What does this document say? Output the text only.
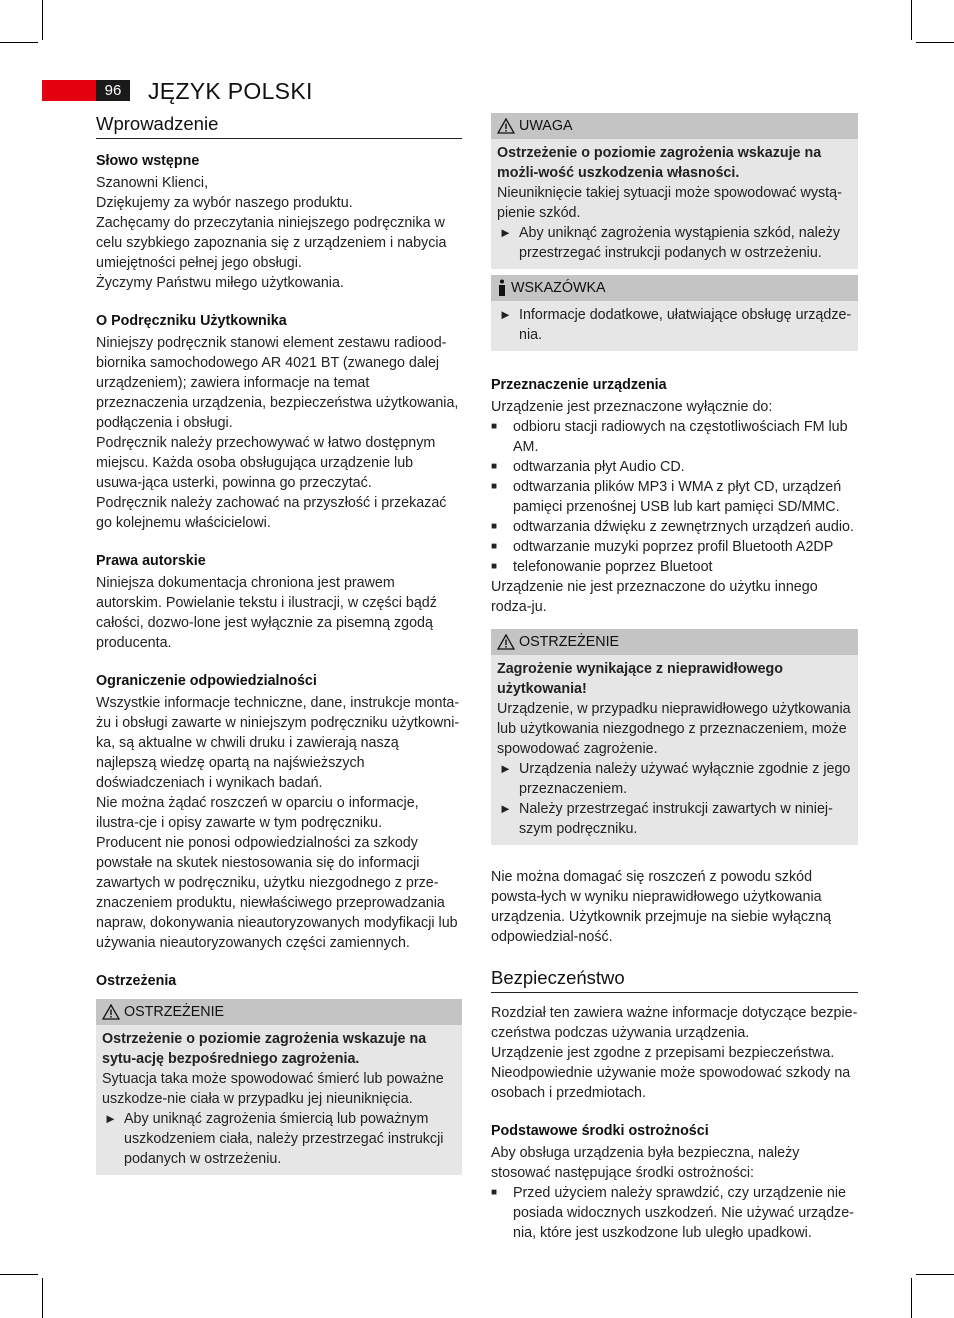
96	JĘZYK POLSKI
Wprowadzenie
Słowo wstępne

Szanowni Klienci,

Dziękujemy za wybór naszego produktu.

Zachęcamy do przeczytania niniejszego podręcznika w celu szybkiego zapoznania się z urządzeniem i nabycia umiejętności pełnej jego obsługi.

Życzymy Państwu miłego użytkowania.

O Podręczniku Użytkownika

Niniejszy podręcznik stanowi element zestawu radiood-biornika samochodowego AR 4021 BT (zwanego dalej urządzeniem); zawiera informacje na temat przeznaczenia urządzenia, bezpieczeństwa użytkowania, podłączenia i obsługi.

Podręcznik należy przechowywać w łatwo dostępnym miejscu. Każda osoba obsługująca urządzenie lub usuwa-jąca usterki, powinna go przeczytać.

Podręcznik należy zachować na przyszłość i przekazać go kolejnemu właścicielowi.

Prawa autorskie

Niniejsza dokumentacja chroniona jest prawem autorskim. Powielanie tekstu i ilustracji, w części bądź całości, dozwo-lone jest wyłącznie za pisemną zgodą producenta.

Ograniczenie odpowiedzialności

Wszystkie informacje techniczne, dane, instrukcje monta-żu i obsługi zawarte w niniejszym podręczniku użytkowni-ka, są aktualne w chwili druku i zawierają naszą najlepszą wiedzę opartą na najświeższych doświadczeniach i wynikach badań.

Nie można żądać roszczeń w oparciu o informacje, ilustra-cje i opisy zawarte w tym podręczniku.

Producent nie ponosi odpowiedzialności za szkody powstałe na skutek niestosowania się do informacji zawartych w podręczniku, użytku niezgodnego z prze-znaczeniem produktu, niewłaściwego przeprowadzania napraw, dokonywania nieautoryzowanych modyfikacji lub używania nieautoryzowanych części zamiennych.

Ostrzeżenia
OSTRZEŻENIE

Ostrzeżenie o poziomie zagrożenia wskazuje na sytu-ację bezpośredniego zagrożenia.

Sytuacja taka może spowodować śmierć lub poważne uszkodze-nie ciała w przypadku jej nieuniknięcia.

► Aby uniknąć zagrożenia śmiercią lub poważnym uszkodzeniem ciała, należy przestrzegać instrukcji podanych w ostrzeżeniu.
UWAGA

Ostrzeżenie o poziomie zagrożenia wskazuje na możli-wość uszkodzenia własności.

Nieuniknięcie takiej sytuacji może spowodować wystą-pienie szkód.

► Aby uniknąć zagrożenia wystąpienia szkód, należy przestrzegać instrukcji podanych w ostrzeżeniu.
WSKAZÓWKA
► Informacje dodatkowe, ułatwiające obsługę urządze-nia.
Przeznaczenie urządzenia

Urządzenie jest przeznaczone wyłącznie do:

■	odbioru stacji radiowych na częstotliwościach FM lub AM.
■	odtwarzania płyt Audio CD.
■	odtwarzania plików MP3 i WMA z płyt CD, urządzeń pamięci przenośnej USB lub kart pamięci SD/MMC.
■	odtwarzania dźwięku z zewnętrznych urządzeń audio.
■	odtwarzanie muzyki poprzez profil Bluetooth A2DP
■	telefonowanie poprzez Bluetoot

Urządzenie nie jest przeznaczone do użytku innego rodza-ju.

OSTRZEŻENIE

Zagrożenie wynikające z nieprawidłowego użytkowania!

Urządzenie, w przypadku nieprawidłowego użytkowania lub użytkowania niezgodnego z przeznaczeniem, może spowodować zagrożenie.

► Urządzenia należy używać wyłącznie zgodnie z jego przeznaczeniem.
► Należy przestrzegać instrukcji zawartych w niniej-szym podręczniku.

Nie można domagać się roszczeń z powodu szkód powsta-łych w wyniku nieprawidłowego użytkowania urządzenia. Użytkownik przejmuje na siebie wyłączną odpowiedzial-ność.

Bezpieczeństwo

Rozdział ten zawiera ważne informacje dotyczące bezpie-czeństwa podczas używania urządzenia.

Urządzenie jest zgodne z przepisami bezpieczeństwa. Nieodpowiednie używanie może spowodować szkody na osobach i przedmiotach.

Podstawowe środki ostrożności

Aby obsługa urządzenia była bezpieczna, należy stosować następujące środki ostrożności:

■	Przed użyciem należy sprawdzić, czy urządzenie nie posiada widocznych uszkodzeń. Nie używać urządze-nia, które jest uszkodzone lub uległo upadkowi.
